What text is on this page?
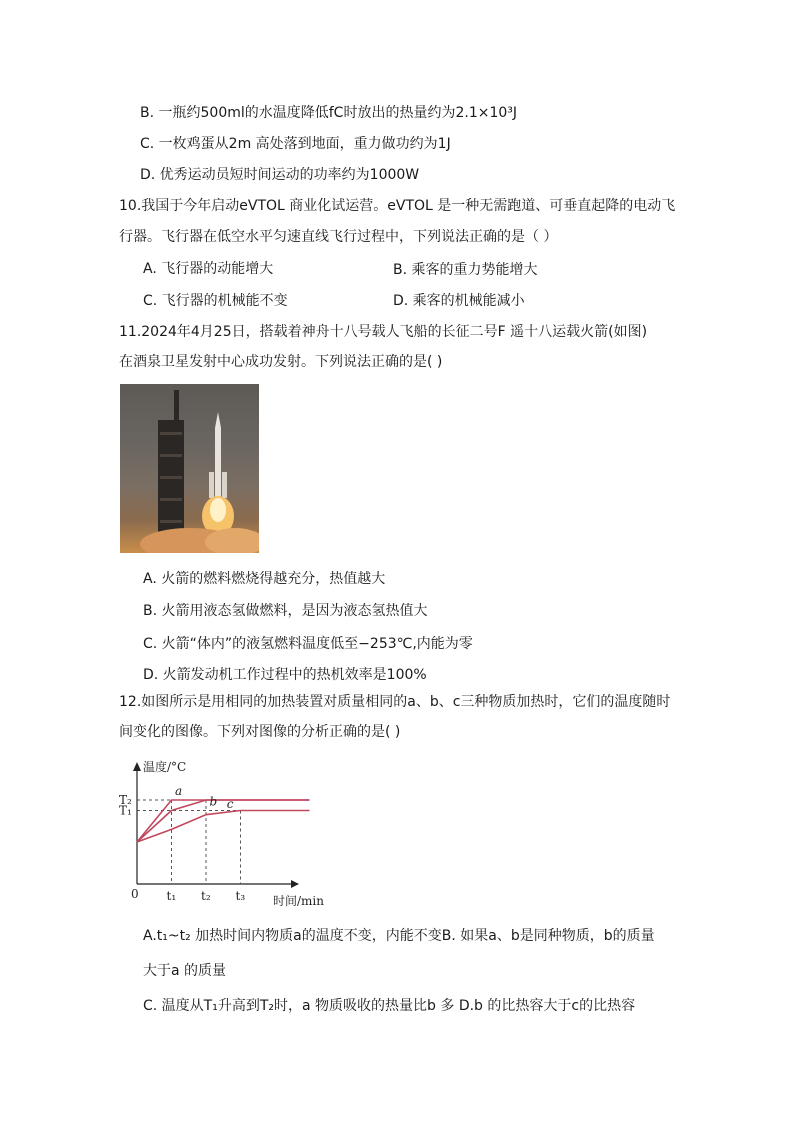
B. 一瓶约500ml的水温度降低fC时放出的热量约为2.1×10³J
C. 一枚鸡蛋从2m 高处落到地面，重力做功约为1J
D. 优秀运动员短时间运动的功率约为1000W
10.我国于今年启动eVTOL 商业化试运营。eVTOL 是一种无需跑道、可垂直起降的电动飞
行器。飞行器在低空水平匀速直线飞行过程中，下列说法正确的是（ ）
A. 飞行器的动能增大	B. 乘客的重力势能增大
C. 飞行器的机械能不变	D. 乘客的机械能减小
11.2024年4月25日，搭载着神舟十八号载人飞船的长征二号F 遥十八运载火箭(如图)
在酒泉卫星发射中心成功发射。下列说法正确的是( )
A. 火箭的燃料燃烧得越充分，热值越大
B. 火箭用液态氢做燃料，是因为液态氢热值大
C. 火箭“体内”的液氢燃料温度低至−253℃,内能为零
D. 火箭发动机工作过程中的热机效率是100%
12.如图所示是用相同的加热装置对质量相同的a、b、c三种物质加热时，它们的温度随时
间变化的图像。下列对图像的分析正确的是( )
温度/°C
时间/min
0 t₁ t₂ t₃
T₂
T₁
a
b c
A.t₁~t₂ 加热时间内物质a的温度不变，内能不变B. 如果a、b是同种物质，b的质量
大于a 的质量
C. 温度从T₁升高到T₂时，a 物质吸收的热量比b 多 D.b 的比热容大于c的比热容
